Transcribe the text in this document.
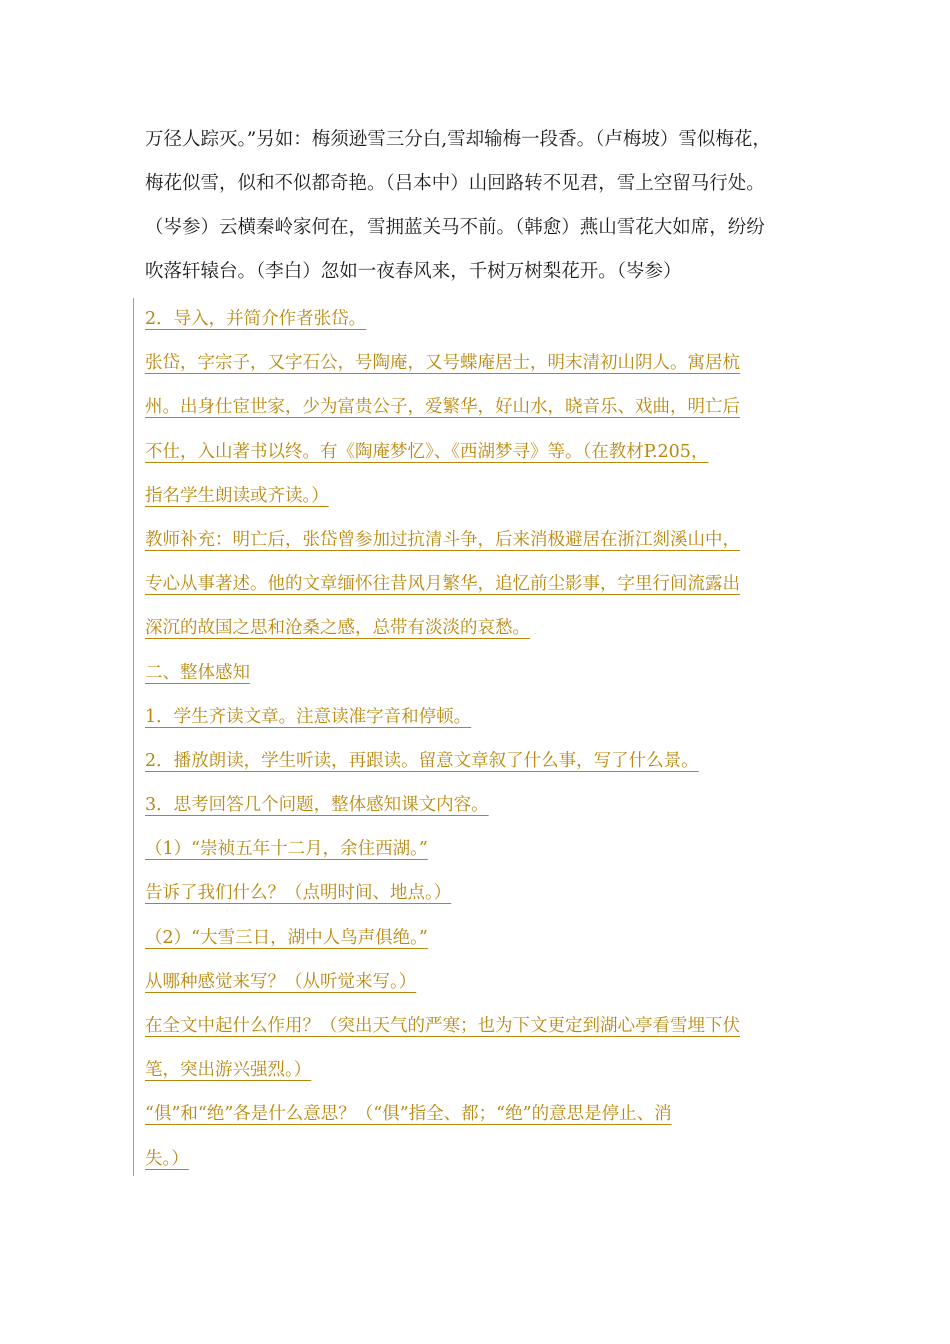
万径人踪灭。”另如：梅须逊雪三分白,雪却输梅一段香。（卢梅坡）雪似梅花，
梅花似雪，似和不似都奇艳。（吕本中）山回路转不见君，雪上空留马行处。
（岑参）云横秦岭家何在，雪拥蓝关马不前。（韩愈）燕山雪花大如席，纷纷
吹落轩辕台。（李白）忽如一夜春风来，千树万树梨花开。（岑参）
2．导入，并简介作者张岱。
张岱，字宗子，又字石公，号陶庵，又号蝶庵居士，明末清初山阴人。寓居杭
州。出身仕宦世家，少为富贵公子，爱繁华，好山水，晓音乐、戏曲，明亡后
不仕，入山著书以终。有《陶庵梦忆》、《西湖梦寻》等。（在教材P.205，
指名学生朗读或齐读。）
教师补充：明亡后，张岱曾参加过抗清斗争，后来消极避居在浙江剡溪山中，
专心从事著述。他的文章缅怀往昔风月繁华，追忆前尘影事，字里行间流露出
深沉的故国之思和沧桑之感，总带有淡淡的哀愁。
二、整体感知
1．学生齐读文章。注意读准字音和停顿。
2．播放朗读，学生听读，再跟读。留意文章叙了什么事，写了什么景。
3．思考回答几个问题，整体感知课文内容。
（1）“崇祯五年十二月，余住西湖。”
告诉了我们什么？（点明时间、地点。）
（2）“大雪三日，湖中人鸟声俱绝。”
从哪种感觉来写？（从听觉来写。）
在全文中起什么作用？（突出天气的严寒；也为下文更定到湖心亭看雪埋下伏
笔，突出游兴强烈。）
“俱”和“绝”各是什么意思？（“俱”指全、都；“绝”的意思是停止、消
失。）
